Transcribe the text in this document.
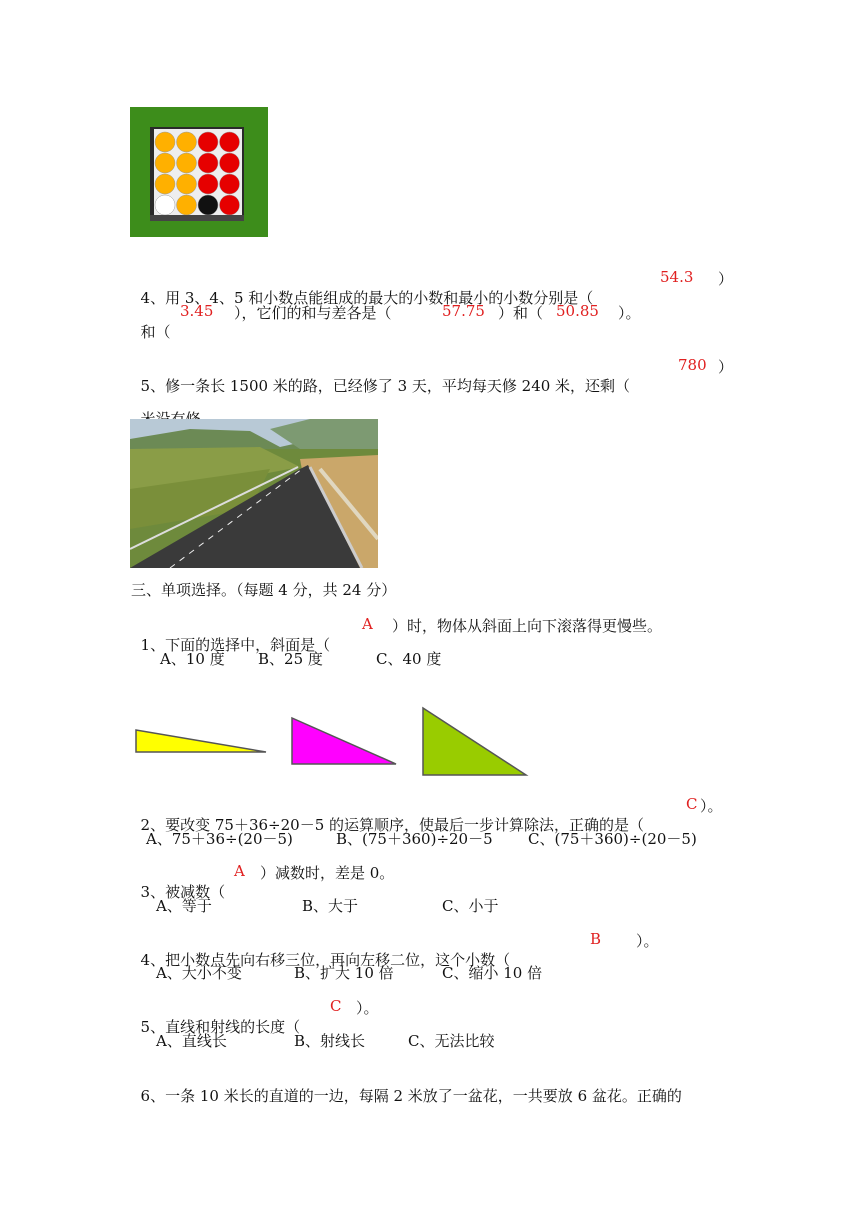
4、用 3、4、5 和小数点能组成的最大的小数和最小的小数分别是（

54.3 ）

和（

3.45 ），它们的和与差各是（	57.75 ）和（ 50.85 ）。

5、修一条长 1500 米的路，已经修了 3 天，平均每天修 240 米，还剩（

780 ）

三、单项选择。（每题 4 分，共 24 分）

1、下面的选择中，斜面是（

A ）时，物体从斜面上向下滚落得更慢些。
A、10 度 B、25 度	C、40 度

2、要改变 75＋36÷20－5 的运算顺序，使最后一步计算除法，正确的是（

C ）。
A、75＋36÷(20－5)	B、(75＋360)÷20－5 C、(75＋360)÷(20－5)

3、被减数（

A ）减数时，差是 0。
A、等于	B、大于	C、小于

4、把小数点先向右移三位，再向左移二位，这个小数（

B ）。
A、大小不变	B、扩大 10 倍	C、缩小 10 倍

5、直线和射线的长度（

C ）。
A、直线长	B、射线长	C、无法比较

6、一条 10 米长的直道的一边，每隔 2 米放了一盆花，一共要放 6 盆花。正确的
